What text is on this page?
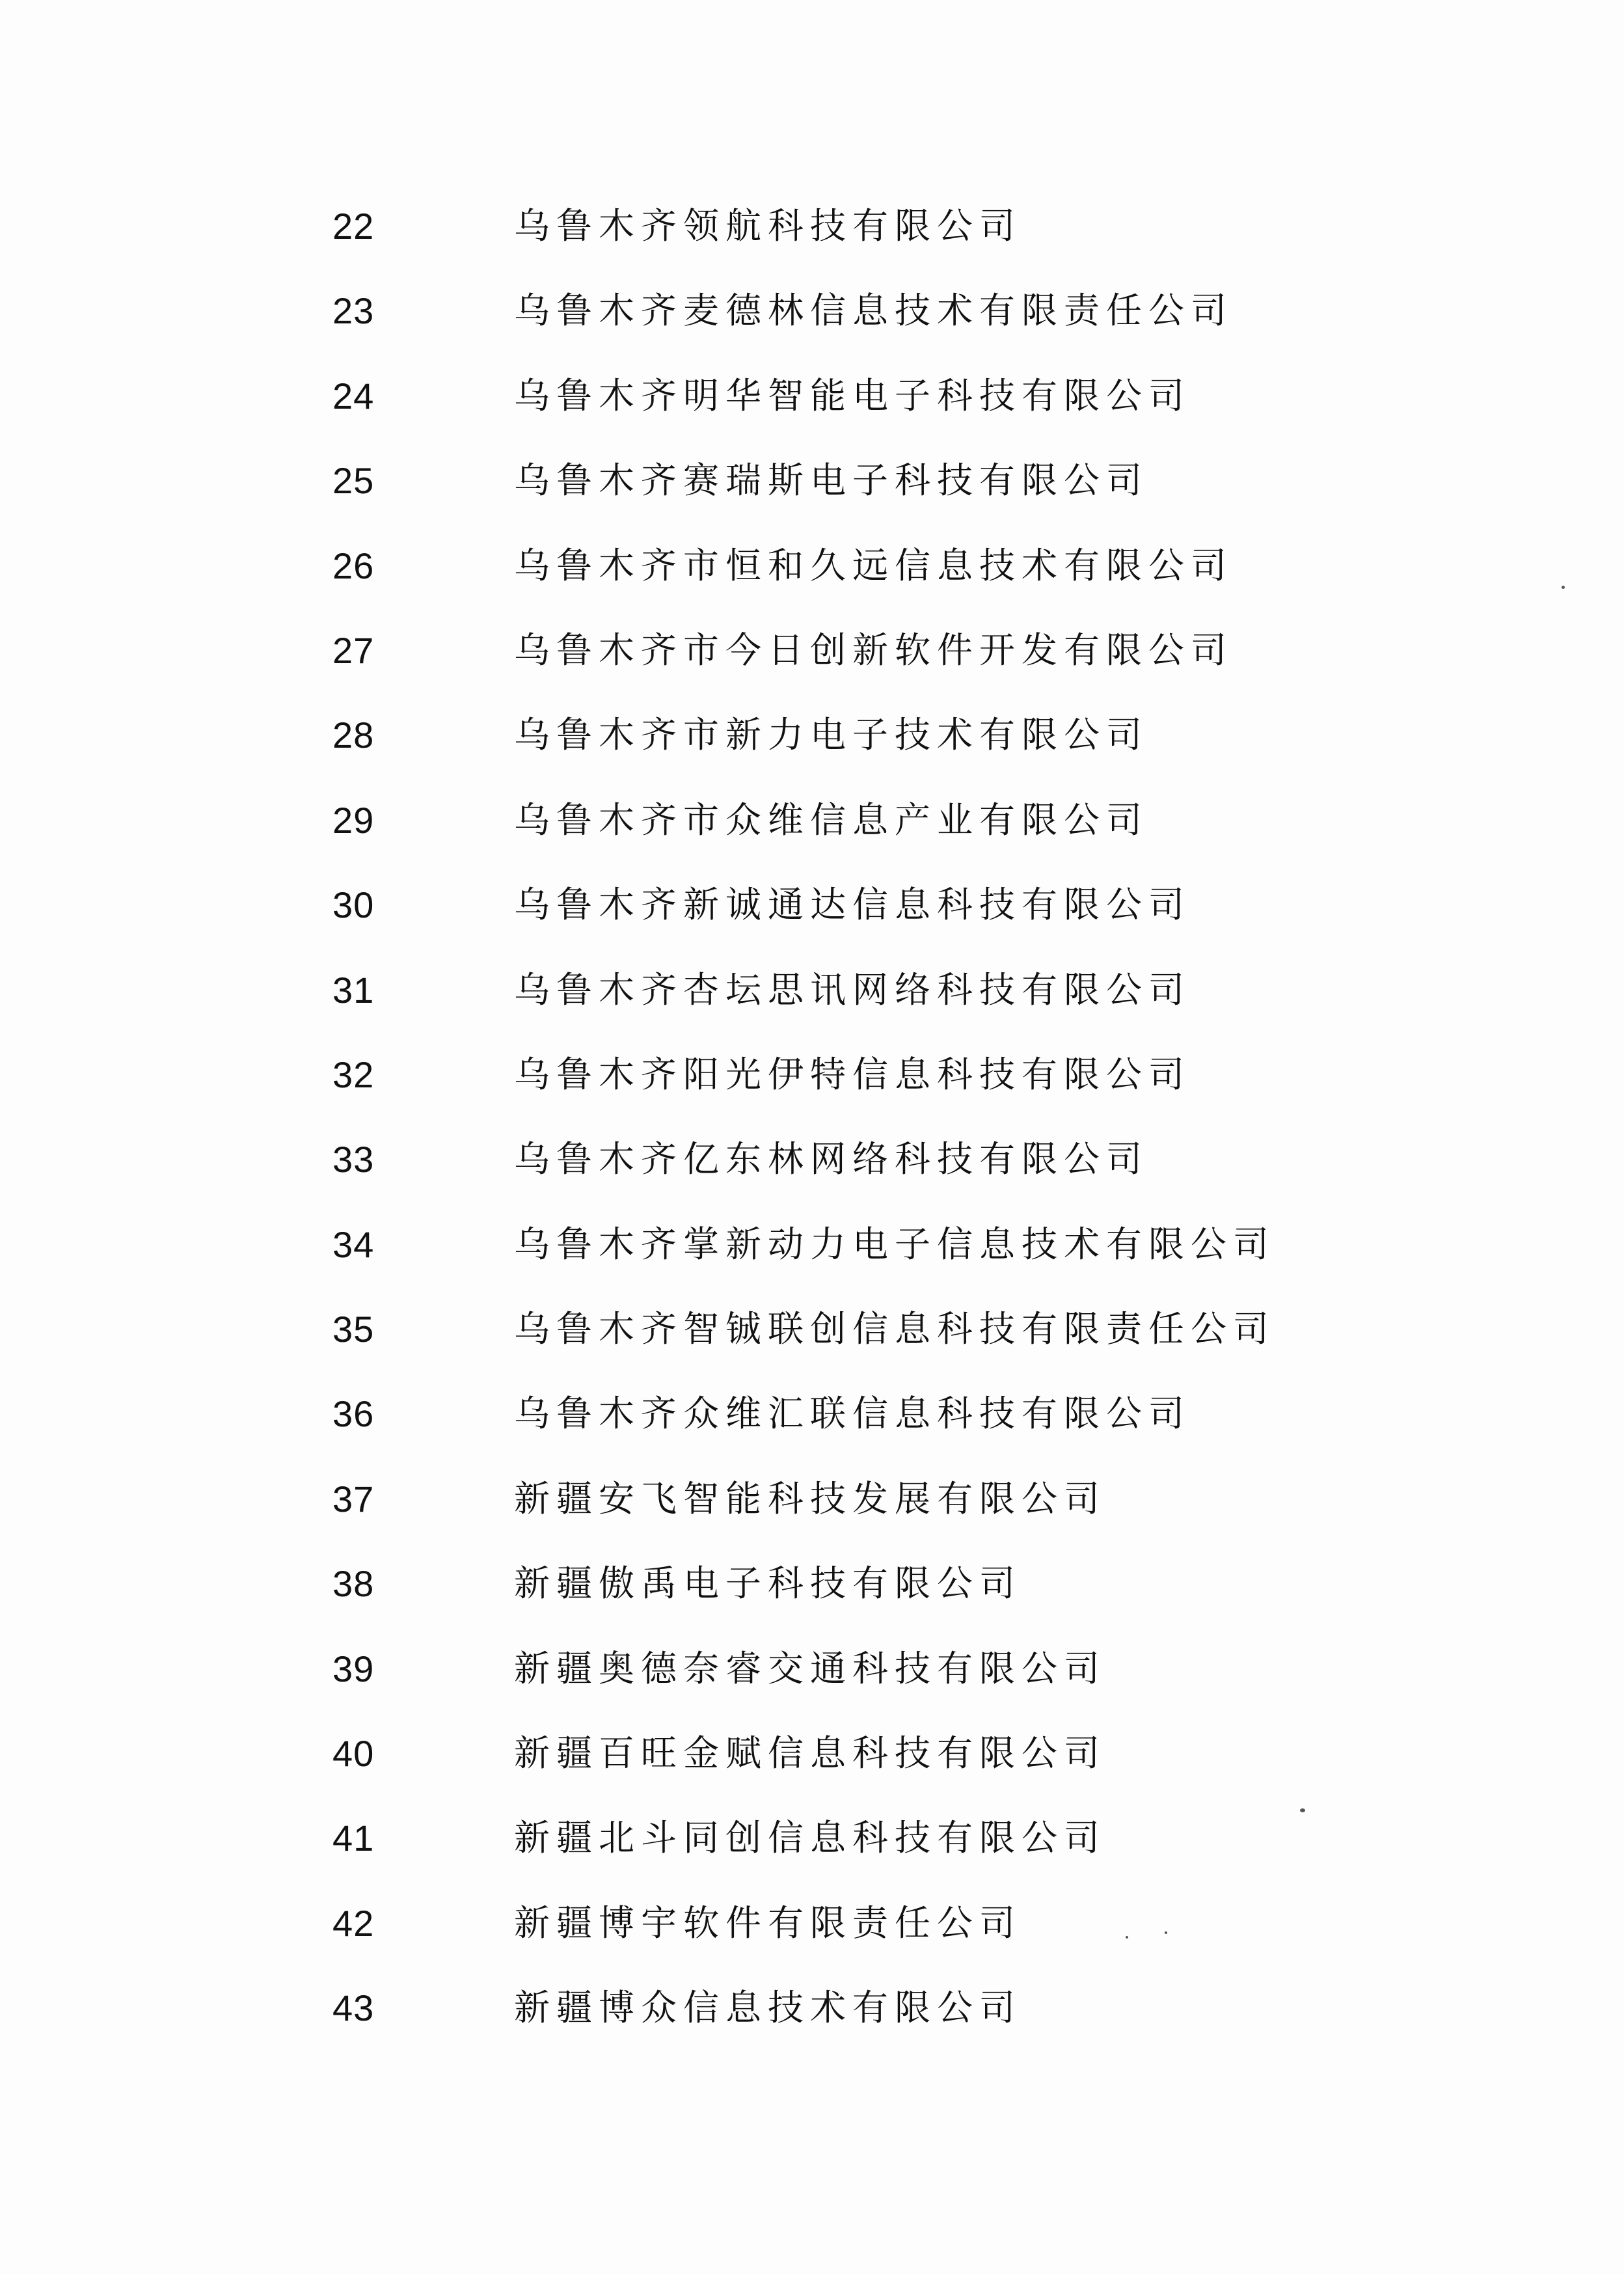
22	乌鲁木齐领航科技有限公司
23	乌鲁木齐麦德林信息技术有限责任公司
24	乌鲁木齐明华智能电子科技有限公司
25	乌鲁木齐赛瑞斯电子科技有限公司
26	乌鲁木齐市恒和久远信息技术有限公司
27	乌鲁木齐市今日创新软件开发有限公司
28	乌鲁木齐市新力电子技术有限公司
29	乌鲁木齐市众维信息产业有限公司
30	乌鲁木齐新诚通达信息科技有限公司
31	乌鲁木齐杏坛思讯网络科技有限公司
32	乌鲁木齐阳光伊特信息科技有限公司
33	乌鲁木齐亿东林网络科技有限公司
34	乌鲁木齐掌新动力电子信息技术有限公司
35	乌鲁木齐智铖联创信息科技有限责任公司
36	乌鲁木齐众维汇联信息科技有限公司
37	新疆安飞智能科技发展有限公司
38	新疆傲禹电子科技有限公司
39	新疆奥德奈睿交通科技有限公司
40	新疆百旺金赋信息科技有限公司
41	新疆北斗同创信息科技有限公司
42	新疆博宇软件有限责任公司
43	新疆博众信息技术有限公司
